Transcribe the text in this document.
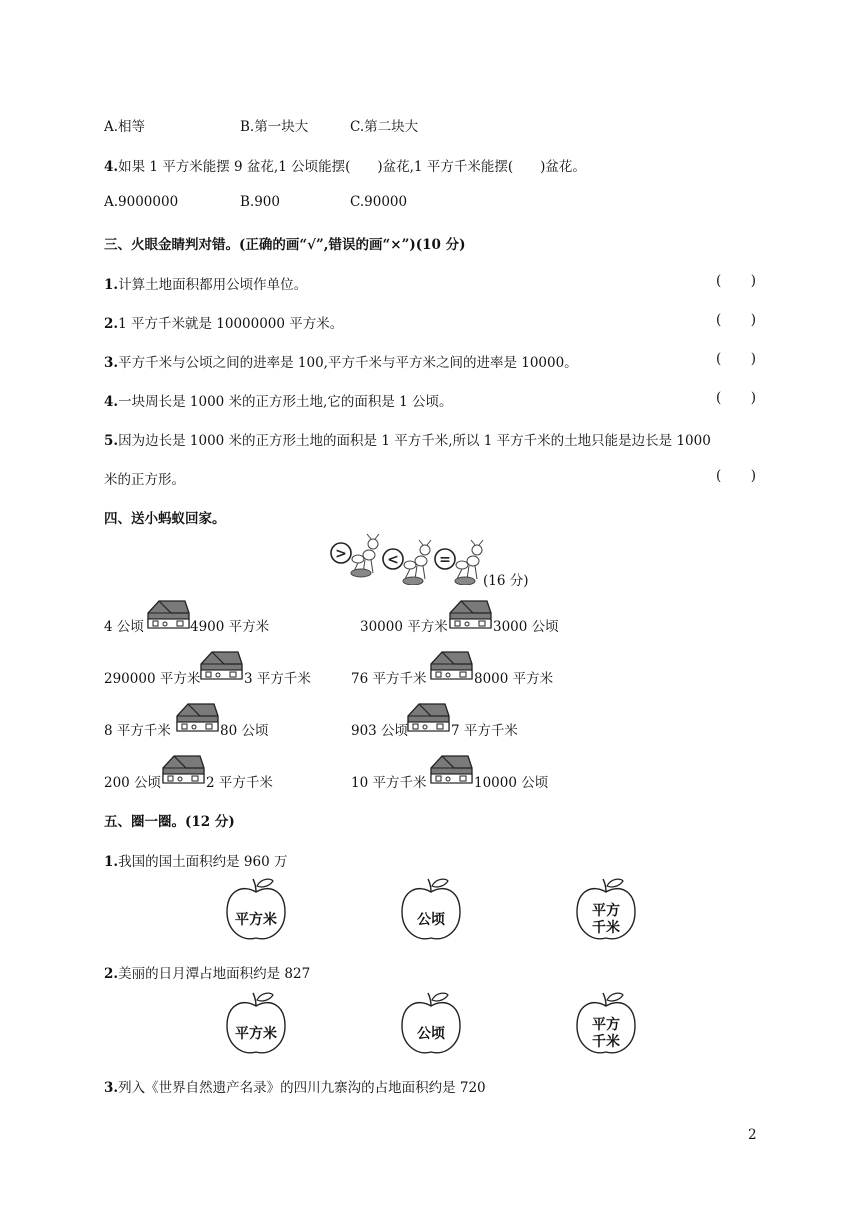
A.相等	B.第一块大	C.第二块大
4.如果 1 平方米能摆 9 盆花,1 公顷能摆(　　)盆花,1 平方千米能摆(　　)盆花。
A.9000000	B.900	C.90000
三、火眼金睛判对错。(正确的画“√”,错误的画“×”)(10 分)
1.计算土地面积都用公顷作单位。	( )
2.1 平方千米就是 10000000 平方米。	( )
3.平方千米与公顷之间的进率是 100,平方千米与平方米之间的进率是 10000。	( )
4.一块周长是 1000 米的正方形土地,它的面积是 1 公顷。	( )
5.因为边长是 1000 米的正方形土地的面积是 1 平方千米,所以 1 平方千米的土地只能是边长是 1000
米的正方形。	( )
四、送小蚂蚁回家。
>	<	=
(16 分)
4 公顷	4900 平方米	30000 平方米	3000 公顷
290000 平方米	3 平方千米	76 平方千米	8000 平方米
8 平方千米	80 公顷	903 公顷	7 平方千米
200 公顷	2 平方千米	10 平方千米	10000 公顷
五、圈一圈。(12 分)
1.我国的国土面积约是 960 万
平方米	公顷
平方
千米
2.美丽的日月潭占地面积约是 827
平方米	公顷
平方
千米
3.列入《世界自然遗产名录》的四川九寨沟的占地面积约是 720
2
